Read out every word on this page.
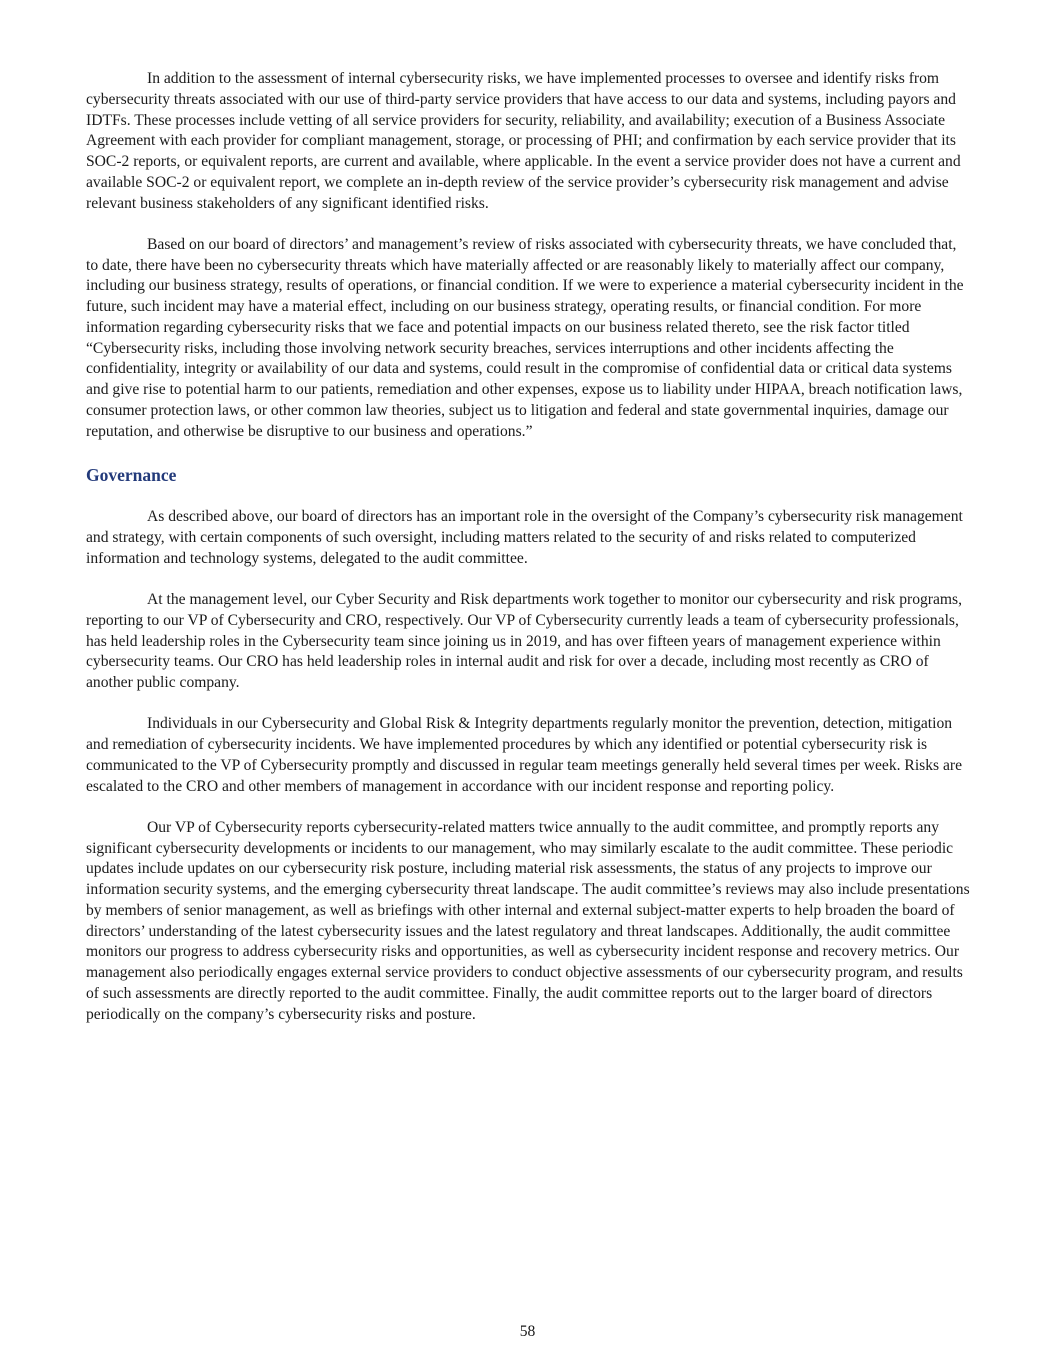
In addition to the assessment of internal cybersecurity risks, we have implemented processes to oversee and identify risks from cybersecurity threats associated with our use of third-party service providers that have access to our data and systems, including payors and IDTFs. These processes include vetting of all service providers for security, reliability, and availability; execution of a Business Associate Agreement with each provider for compliant management, storage, or processing of PHI; and confirmation by each service provider that its SOC-2 reports, or equivalent reports, are current and available, where applicable. In the event a service provider does not have a current and available SOC-2 or equivalent report, we complete an in-depth review of the service provider’s cybersecurity risk management and advise relevant business stakeholders of any significant identified risks.

Based on our board of directors’ and management’s review of risks associated with cybersecurity threats, we have concluded that, to date, there have been no cybersecurity threats which have materially affected or are reasonably likely to materially affect our company, including our business strategy, results of operations, or financial condition. If we were to experience a material cybersecurity incident in the future, such incident may have a material effect, including on our business strategy, operating results, or financial condition. For more information regarding cybersecurity risks that we face and potential impacts on our business related thereto, see the risk factor titled “Cybersecurity risks, including those involving network security breaches, services interruptions and other incidents affecting the confidentiality, integrity or availability of our data and systems, could result in the compromise of confidential data or critical data systems and give rise to potential harm to our patients, remediation and other expenses, expose us to liability under HIPAA, breach notification laws, consumer protection laws, or other common law theories, subject us to litigation and federal and state governmental inquiries, damage our reputation, and otherwise be disruptive to our business and operations.”

Governance

As described above, our board of directors has an important role in the oversight of the Company’s cybersecurity risk management and strategy, with certain components of such oversight, including matters related to the security of and risks related to computerized information and technology systems, delegated to the audit committee.

At the management level, our Cyber Security and Risk departments work together to monitor our cybersecurity and risk programs, reporting to our VP of Cybersecurity and CRO, respectively. Our VP of Cybersecurity currently leads a team of cybersecurity professionals, has held leadership roles in the Cybersecurity team since joining us in 2019, and has over fifteen years of management experience within cybersecurity teams. Our CRO has held leadership roles in internal audit and risk for over a decade, including most recently as CRO of another public company.

Individuals in our Cybersecurity and Global Risk & Integrity departments regularly monitor the prevention, detection, mitigation and remediation of cybersecurity incidents. We have implemented procedures by which any identified or potential cybersecurity risk is communicated to the VP of Cybersecurity promptly and discussed in regular team meetings generally held several times per week. Risks are escalated to the CRO and other members of management in accordance with our incident response and reporting policy.

Our VP of Cybersecurity reports cybersecurity-related matters twice annually to the audit committee, and promptly reports any significant cybersecurity developments or incidents to our management, who may similarly escalate to the audit committee. These periodic updates include updates on our cybersecurity risk posture, including material risk assessments, the status of any projects to improve our information security systems, and the emerging cybersecurity threat landscape. The audit committee’s reviews may also include presentations by members of senior management, as well as briefings with other internal and external subject-matter experts to help broaden the board of directors’ understanding of the latest cybersecurity issues and the latest regulatory and threat landscapes. Additionally, the audit committee monitors our progress to address cybersecurity risks and opportunities, as well as cybersecurity incident response and recovery metrics. Our management also periodically engages external service providers to conduct objective assessments of our cybersecurity program, and results of such assessments are directly reported to the audit committee. Finally, the audit committee reports out to the larger board of directors periodically on the company’s cybersecurity risks and posture.

58
